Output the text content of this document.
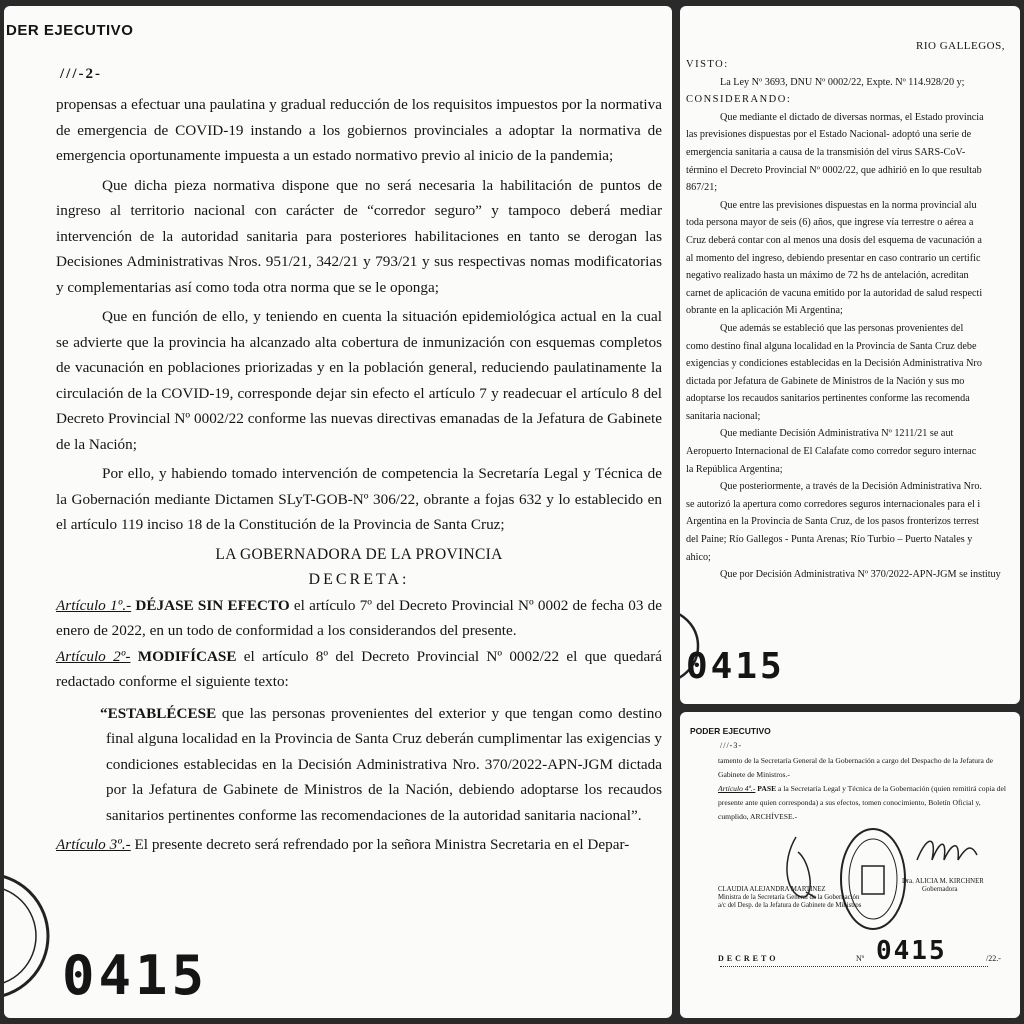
DER EJECUTIVO
///-2-

propensas a efectuar una paulatina y gradual reducción de los requisitos impuestos por la normativa de emergencia de COVID-19 instando a los gobiernos provinciales a adoptar la normativa de emergencia oportunamente impuesta a un estado normativo previo al inicio de la pandemia;

Que dicha pieza normativa dispone que no será necesaria la habilitación de puntos de ingreso al territorio nacional con carácter de “corredor seguro” y tampoco deberá mediar intervención de la autoridad sanitaria para posteriores habilitaciones en tanto se derogan las Decisiones Administrativas Nros. 951/21, 342/21 y 793/21 y sus respectivas nomas modificatorias y complementarias así como toda otra norma que se le oponga;

Que en función de ello, y teniendo en cuenta la situación epidemiológica actual en la cual se advierte que la provincia ha alcanzado alta cobertura de inmunización con esquemas completos de vacunación en poblaciones priorizadas y en la población general, reduciendo paulatinamente la circulación de la COVID-19, corresponde dejar sin efecto el artículo 7 y readecuar el artículo 8 del Decreto Provincial Nº 0002/22 conforme las nuevas directivas emanadas de la Jefatura de Gabinete de la Nación;

Por ello, y habiendo tomado intervención de competencia la Secretaría Legal y Técnica de la Gobernación mediante Dictamen SLyT-GOB-Nº 306/22, obrante a fojas 632 y lo establecido en el artículo 119 inciso 18 de la Constitución de la Provincia de Santa Cruz;

LA GOBERNADORA DE LA PROVINCIA

DECRETA:

Artículo 1º.- DÉJASE SIN EFECTO el artículo 7º del Decreto Provincial Nº 0002 de fecha 03 de enero de 2022, en un todo de conformidad a los considerandos del presente.

Artículo 2º- MODIFÍCASE el artículo 8º del Decreto Provincial Nº 0002/22 el que quedará redactado conforme el siguiente texto:

“ESTABLÉCESE que las personas provenientes del exterior y que tengan como destino final alguna localidad en la Provincia de Santa Cruz deberán cumplimentar las exigencias y condiciones establecidas en la Decisión Administrativa Nro. 370/2022-APN-JGM dictada por la Jefatura de Gabinete de Ministros de la Nación, debiendo adoptarse los recaudos sanitarios pertinentes conforme las recomendaciones de la autoridad sanitaria nacional”.

Artículo 3º.- El presente decreto será refrendado por la señora Ministra Secretaria en el Depar-

0415
RIO GALLEGOS,

VISTO:

La Ley Nº 3693, DNU Nº 0002/22, Expte. Nº 114.928/20 y;

CONSIDERANDO:

Que mediante el dictado de diversas normas, el Estado provincia

las previsiones dispuestas por el Estado Nacional- adoptó una serie de

emergencia sanitaria a causa de la transmisión del virus SARS-CoV-

término el Decreto Provincial Nº 0002/22, que adhirió en lo que resultab

867/21;

Que entre las previsiones dispuestas en la norma provincial alu

toda persona mayor de seis (6) años, que ingrese vía terrestre o aérea a

Cruz deberá contar con al menos una dosis del esquema de vacunación a

al momento del ingreso, debiendo presentar en caso contrario un certific

negativo realizado hasta un máximo de 72 hs de antelación, acreditan

carnet de aplicación de vacuna emitido por la autoridad de salud respecti

obrante en la aplicación Mi Argentina;

Que además se estableció que las personas provenientes del

como destino final alguna localidad en la Provincia de Santa Cruz debe

exigencias y condiciones establecidas en la Decisión Administrativa Nro

dictada por Jefatura de Gabinete de Ministros de la Nación y sus mo

adoptarse los recaudos sanitarios pertinentes conforme las recomenda

sanitaria nacional;

Que mediante Decisión Administrativa Nº 1211/21 se aut

Aeropuerto Internacional de El Calafate como corredor seguro internac

la República Argentina;

Que posteriormente, a través de la Decisión Administrativa Nro.

se autorizó la apertura como corredores seguros internacionales para el i

Argentina en la Provincia de Santa Cruz, de los pasos fronterizos terrest

del Paine; Río Gallegos - Punta Arenas; Río Turbio – Puerto Natales y

ahico;

Que por Decisión Administrativa Nº 370/2022-APN-JGM se instituy

0415
PODER EJECUTIVO
///-3-

tamento de la Secretaría General de la Gobernación a cargo del Despacho de la Jefatura de Gabinete de Ministros.-

Artículo 4º.- PASE a la Secretaría Legal y Técnica de la Gobernación (quien remitirá copia del presente ante quien corresponda) a sus efectos, tomen conocimiento, Boletín Oficial y, cumplido, ARCHÍVESE.-

CLAUDIA ALEJANDRA MARTINEZ
Ministra de la Secretaría General de la Gobernación
a/c del Desp. de la Jefatura de Gabinete de Ministros
Dra. ALICIA M. KIRCHNER
Gobernadora
DECRETO	Nº 0415	/22.-
